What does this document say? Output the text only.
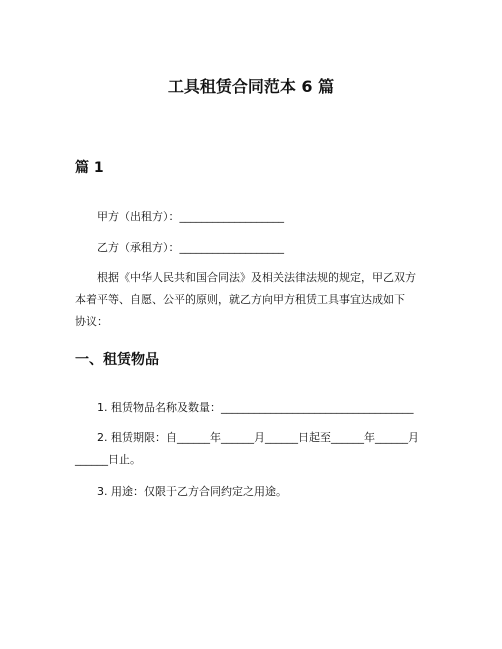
工具租赁合同范本 6 篇
篇 1
甲方（出租方）：___________________
乙方（承租方）：___________________
根据《中华人民共和国合同法》及相关法律法规的规定，甲乙双方
本着平等、自愿、公平的原则，就乙方向甲方租赁工具事宜达成如下
协议：
一、租赁物品
1. 租赁物品名称及数量：___________________________________
2. 租赁期限：自______年______月______日起至______年______月
______日止。
3. 用途：仅限于乙方合同约定之用途。
